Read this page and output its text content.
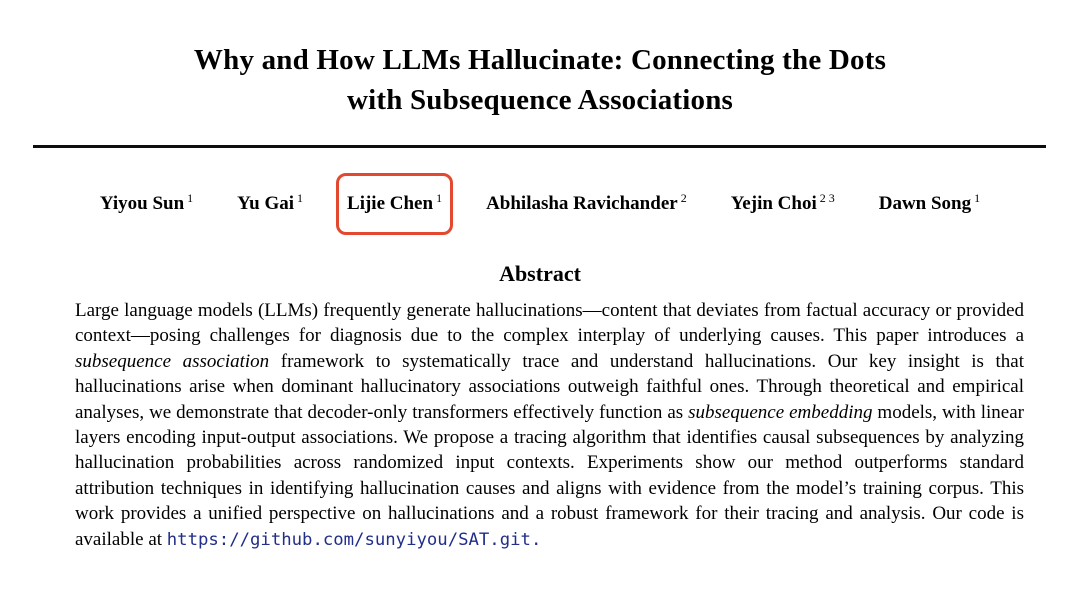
Why and How LLMs Hallucinate: Connecting the Dots
with Subsequence Associations
Yiyou Sun $^1$	Yu Gai $^1$	Lijie Chen $^1$	Abhilasha Ravichander $^2$	Yejin Choi $^{2 3}$	Dawn Song $^1$
Abstract

Large language models (LLMs) frequently generate hallucinations—content that deviates from factual accuracy or provided context—posing challenges for diagnosis due to the complex interplay of underlying causes. This paper introduces a subsequence association framework to systematically trace and understand hallucinations. Our key insight is that hallucinations arise when dominant hallucinatory associations outweigh faithful ones. Through theoretical and empirical analyses, we demonstrate that decoder-only transformers effectively function as subsequence embedding models, with linear layers encoding input-output associations. We propose a tracing algorithm that identifies causal subsequences by analyzing hallucination probabilities across randomized input contexts. Experiments show our method outperforms standard attribution techniques in identifying hallucination causes and aligns with evidence from the model’s training corpus. This work provides a unified perspective on hallucinations and a robust framework for their tracing and analysis. Our code is available at https://github.com/sunyiyou/SAT.git.
